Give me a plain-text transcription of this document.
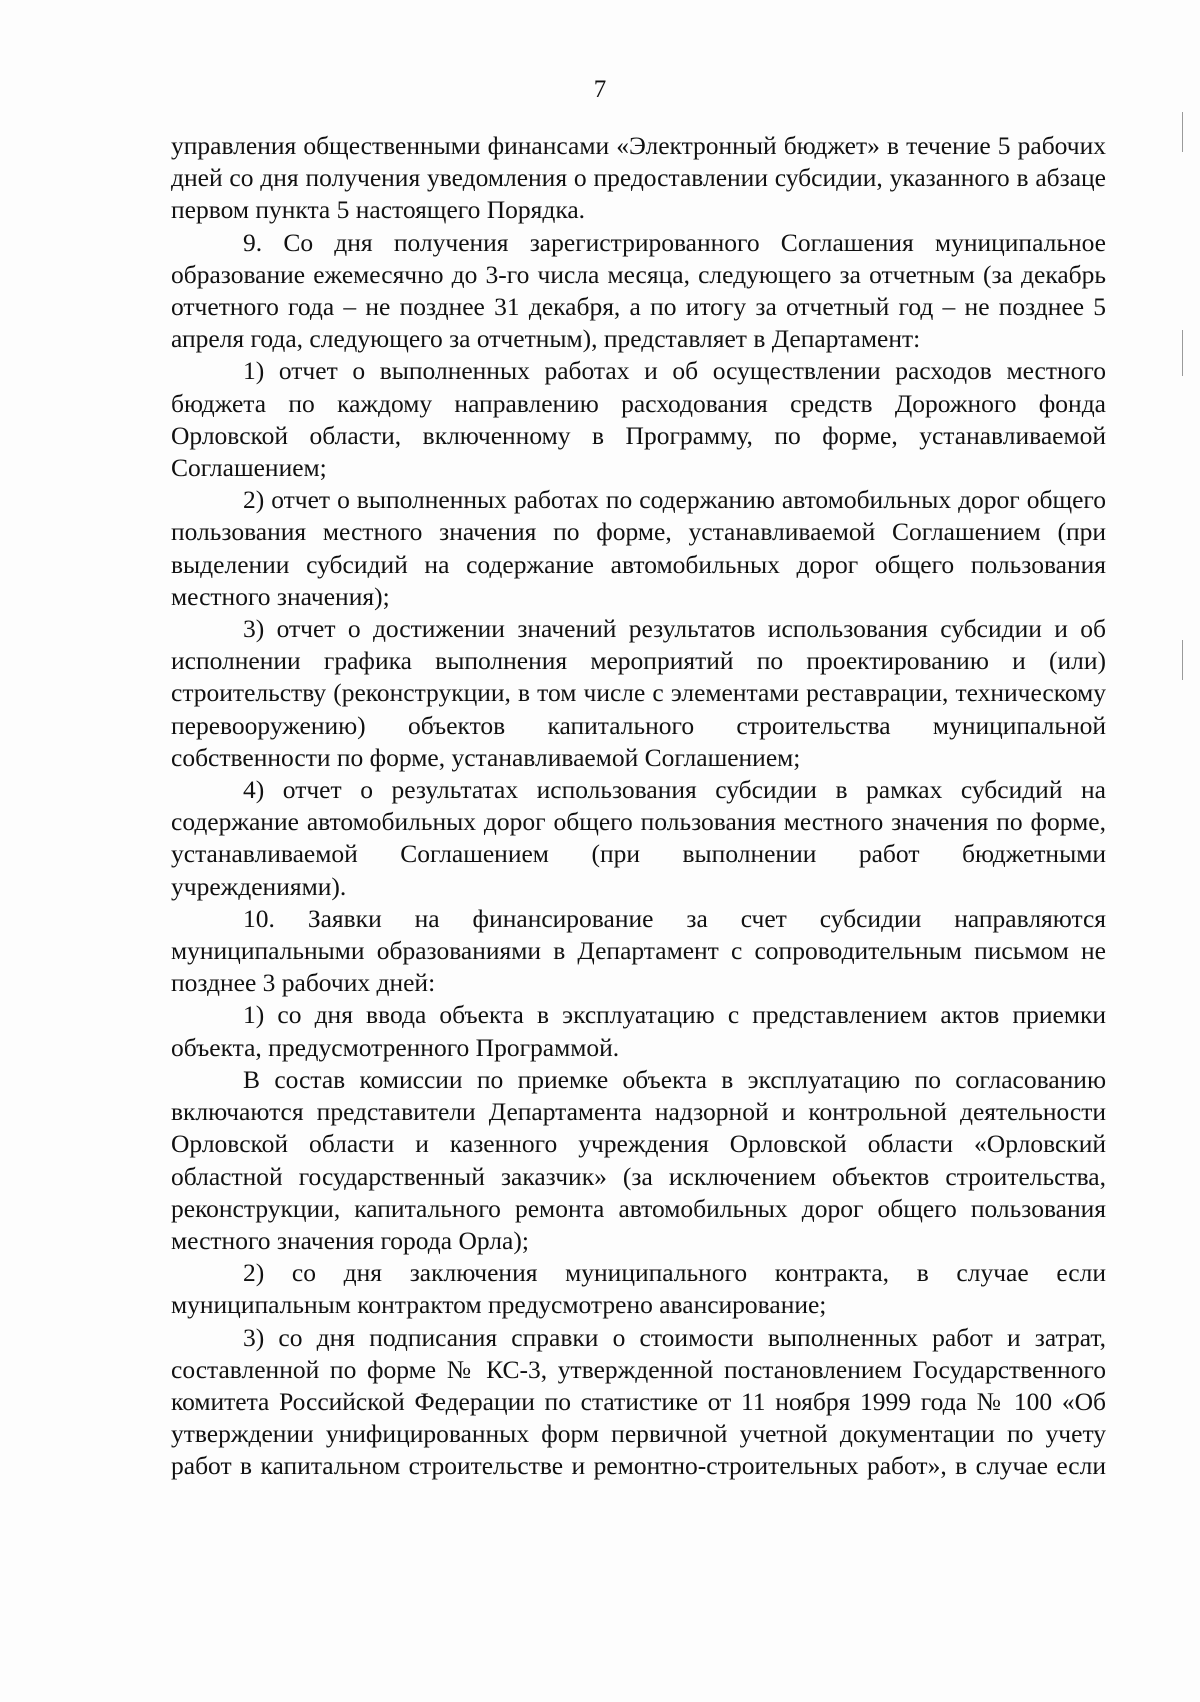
7

управления общественными финансами «Электронный бюджет» в течение 5 рабочих дней со дня получения уведомления о предоставлении субсидии, указанного в абзаце первом пункта 5 настоящего Порядка.

9. Со дня получения зарегистрированного Соглашения муниципальное образование ежемесячно до 3-го числа месяца, следующего за отчетным (за декабрь отчетного года – не позднее 31 декабря, а по итогу за отчетный год – не позднее 5 апреля года, следующего за отчетным), представляет в Департамент:

1) отчет о выполненных работах и об осуществлении расходов местного бюджета по каждому направлению расходования средств Дорожного фонда Орловской области, включенному в Программу, по форме, устанавливаемой Соглашением;

2) отчет о выполненных работах по содержанию автомобильных дорог общего пользования местного значения по форме, устанавливаемой Соглашением (при выделении субсидий на содержание автомобильных дорог общего пользования местного значения);

3) отчет о достижении значений результатов использования субсидии и об исполнении графика выполнения мероприятий по проектированию и (или) строительству (реконструкции, в том числе с элементами реставрации, техническому перевооружению) объектов капитального строительства муниципальной собственности по форме, устанавливаемой Соглашением;

4) отчет о результатах использования субсидии в рамках субсидий на содержание автомобильных дорог общего пользования местного значения по форме, устанавливаемой Соглашением (при выполнении работ бюджетными учреждениями).

10. Заявки на финансирование за счет субсидии направляются муниципальными образованиями в Департамент с сопроводительным письмом не позднее 3 рабочих дней:

1) со дня ввода объекта в эксплуатацию с представлением актов приемки объекта, предусмотренного Программой.

В состав комиссии по приемке объекта в эксплуатацию по согласованию включаются представители Департамента надзорной и контрольной деятельности Орловской области и казенного учреждения Орловской области «Орловский областной государственный заказчик» (за исключением объектов строительства, реконструкции, капитального ремонта автомобильных дорог общего пользования местного значения города Орла);

2) со дня заключения муниципального контракта, в случае если муниципальным контрактом предусмотрено авансирование;

3) со дня подписания справки о стоимости выполненных работ и затрат, составленной по форме № КС-3, утвержденной постановлением Государственного комитета Российской Федерации по статистике от 11 ноября 1999 года № 100 «Об утверждении унифицированных форм первичной учетной документации по учету работ в капитальном строительстве и ремонтно-строительных работ», в случае если
